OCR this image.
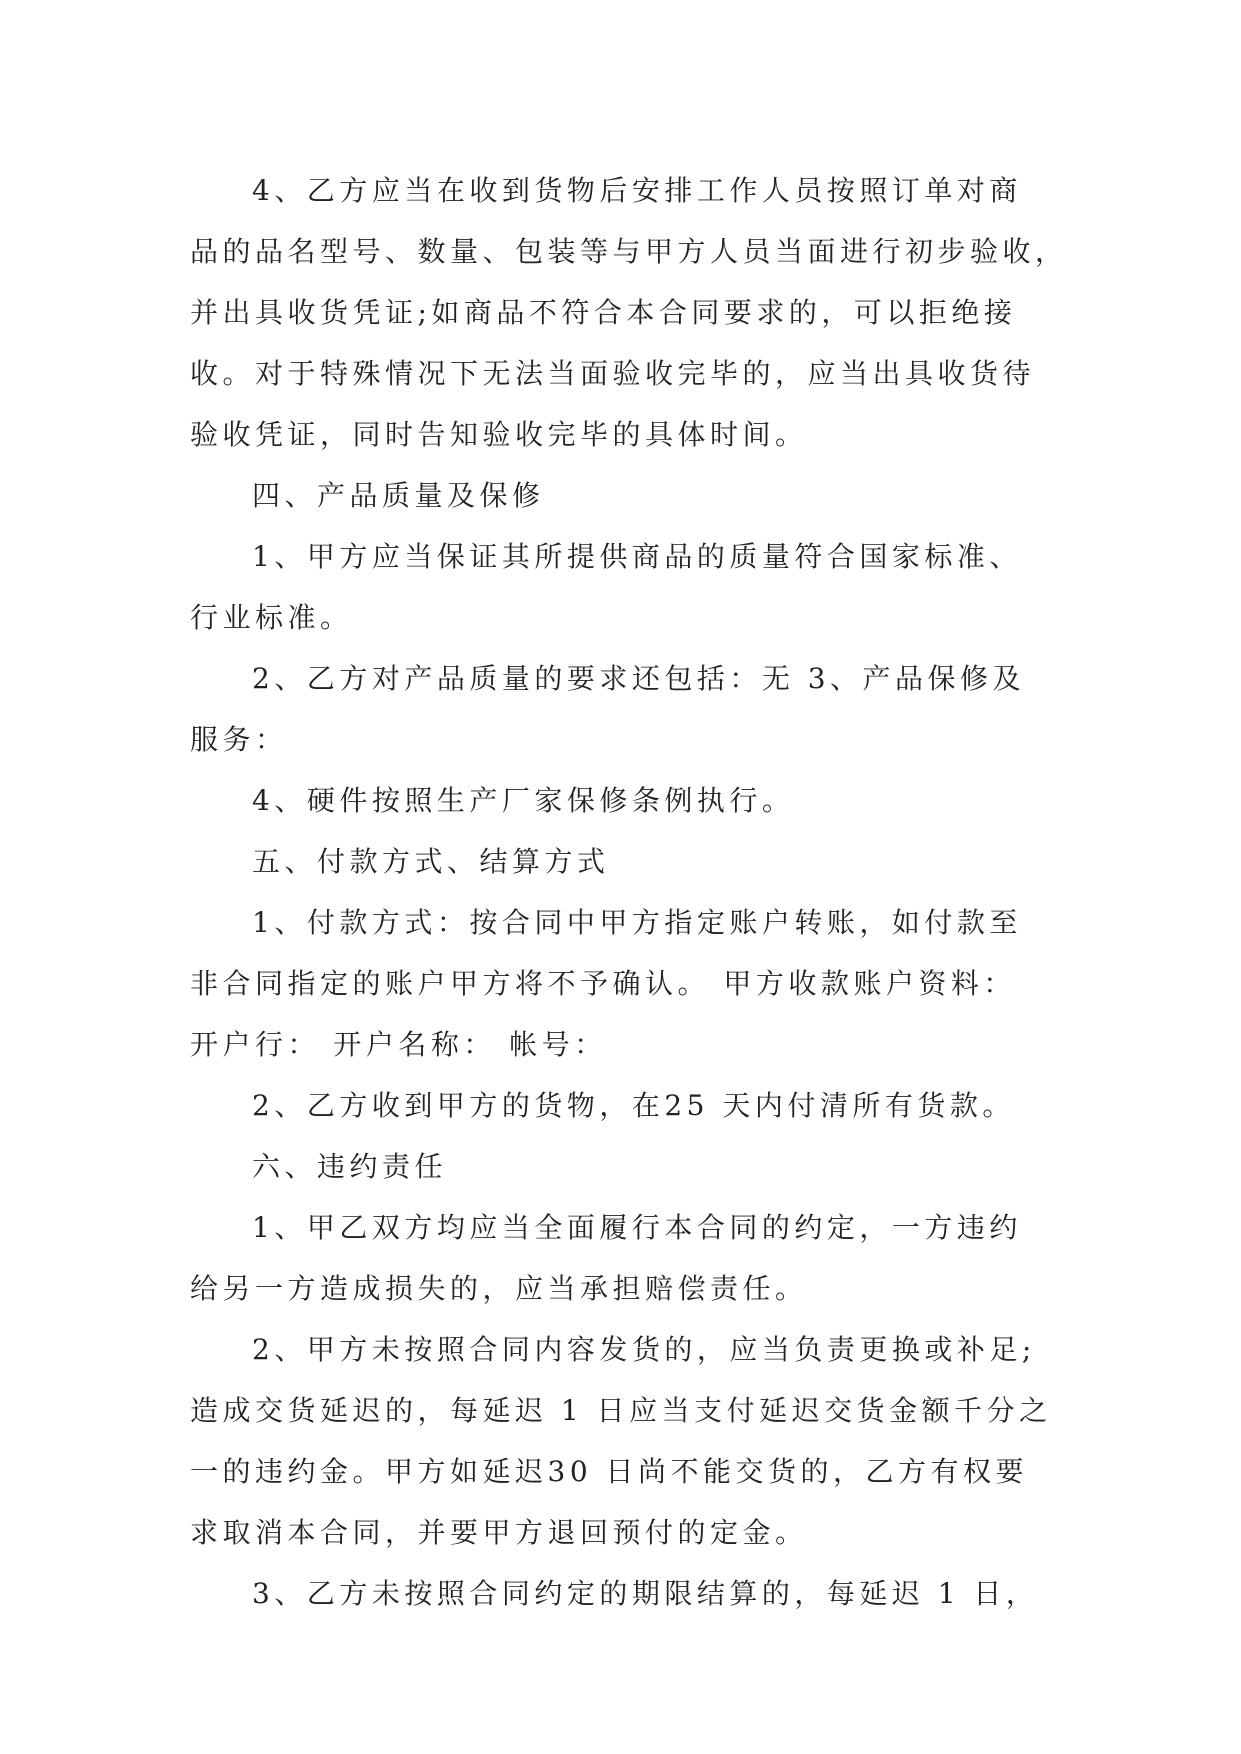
4、乙方应当在收到货物后安排工作人员按照订单对商
品的品名型号、数量、包装等与甲方人员当面进行初步验收，
并出具收货凭证;如商品不符合本合同要求的，可以拒绝接
收。对于特殊情况下无法当面验收完毕的，应当出具收货待
验收凭证，同时告知验收完毕的具体时间。
四、产品质量及保修
1、甲方应当保证其所提供商品的质量符合国家标准、
行业标准。
2、乙方对产品质量的要求还包括：无 3、产品保修及
服务：
4、硬件按照生产厂家保修条例执行。
五、付款方式、结算方式
1、付款方式：按合同中甲方指定账户转账，如付款至
非合同指定的账户甲方将不予确认。 甲方收款账户资料：
开户行： 开户名称： 帐号：
2、乙方收到甲方的货物，在25 天内付清所有货款。
六、违约责任
1、甲乙双方均应当全面履行本合同的约定，一方违约
给另一方造成损失的，应当承担赔偿责任。
2、甲方未按照合同内容发货的，应当负责更换或补足;
造成交货延迟的，每延迟 1 日应当支付延迟交货金额千分之
一的违约金。甲方如延迟30 日尚不能交货的，乙方有权要
求取消本合同，并要甲方退回预付的定金。
3、乙方未按照合同约定的期限结算的，每延迟 1 日，
